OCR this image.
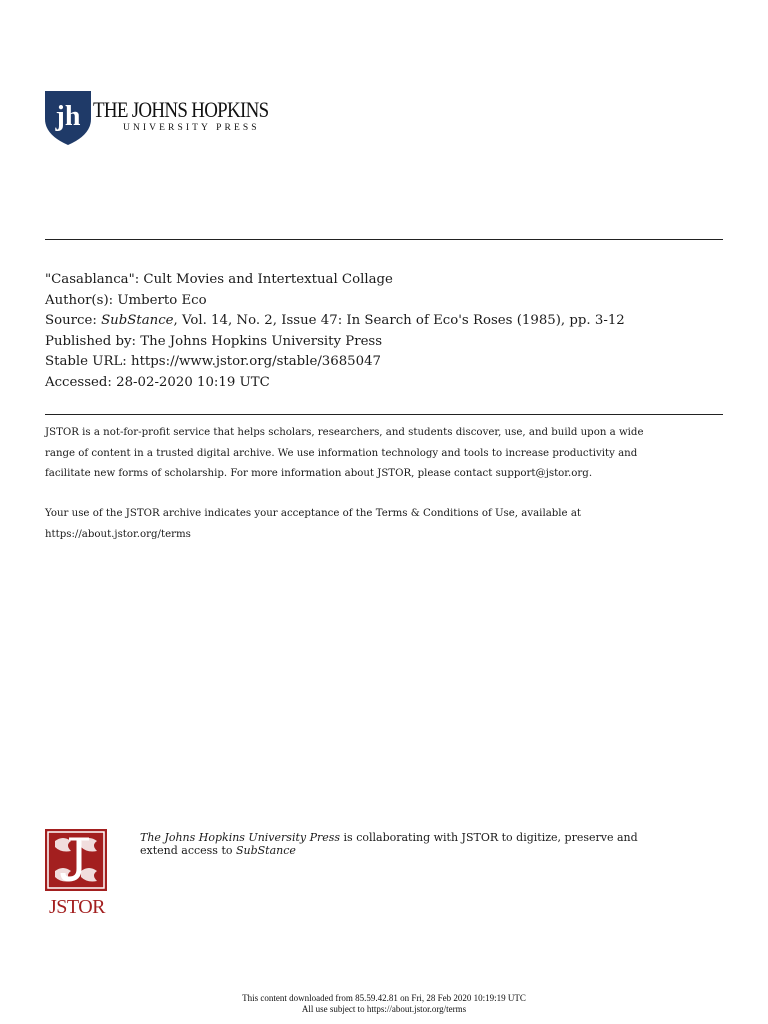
jh THE JOHNS HOPKINS
UNIVERSITY PRESS
"Casablanca": Cult Movies and Intertextual Collage
Author(s): Umberto Eco
Source: SubStance, Vol. 14, No. 2, Issue 47: In Search of Eco's Roses (1985), pp. 3-12
Published by: The Johns Hopkins University Press
Stable URL: https://www.jstor.org/stable/3685047
Accessed: 28-02-2020 10:19 UTC
JSTOR is a not-for-profit service that helps scholars, researchers, and students discover, use, and build upon a wide
range of content in a trusted digital archive. We use information technology and tools to increase productivity and
facilitate new forms of scholarship. For more information about JSTOR, please contact support@jstor.org.
Your use of the JSTOR archive indicates your acceptance of the Terms & Conditions of Use, available at
https://about.jstor.org/terms
JSTOR
The Johns Hopkins University Press is collaborating with JSTOR to digitize, preserve and
extend access to SubStance
This content downloaded from 85.59.42.81 on Fri, 28 Feb 2020 10:19:19 UTC
All use subject to https://about.jstor.org/terms
